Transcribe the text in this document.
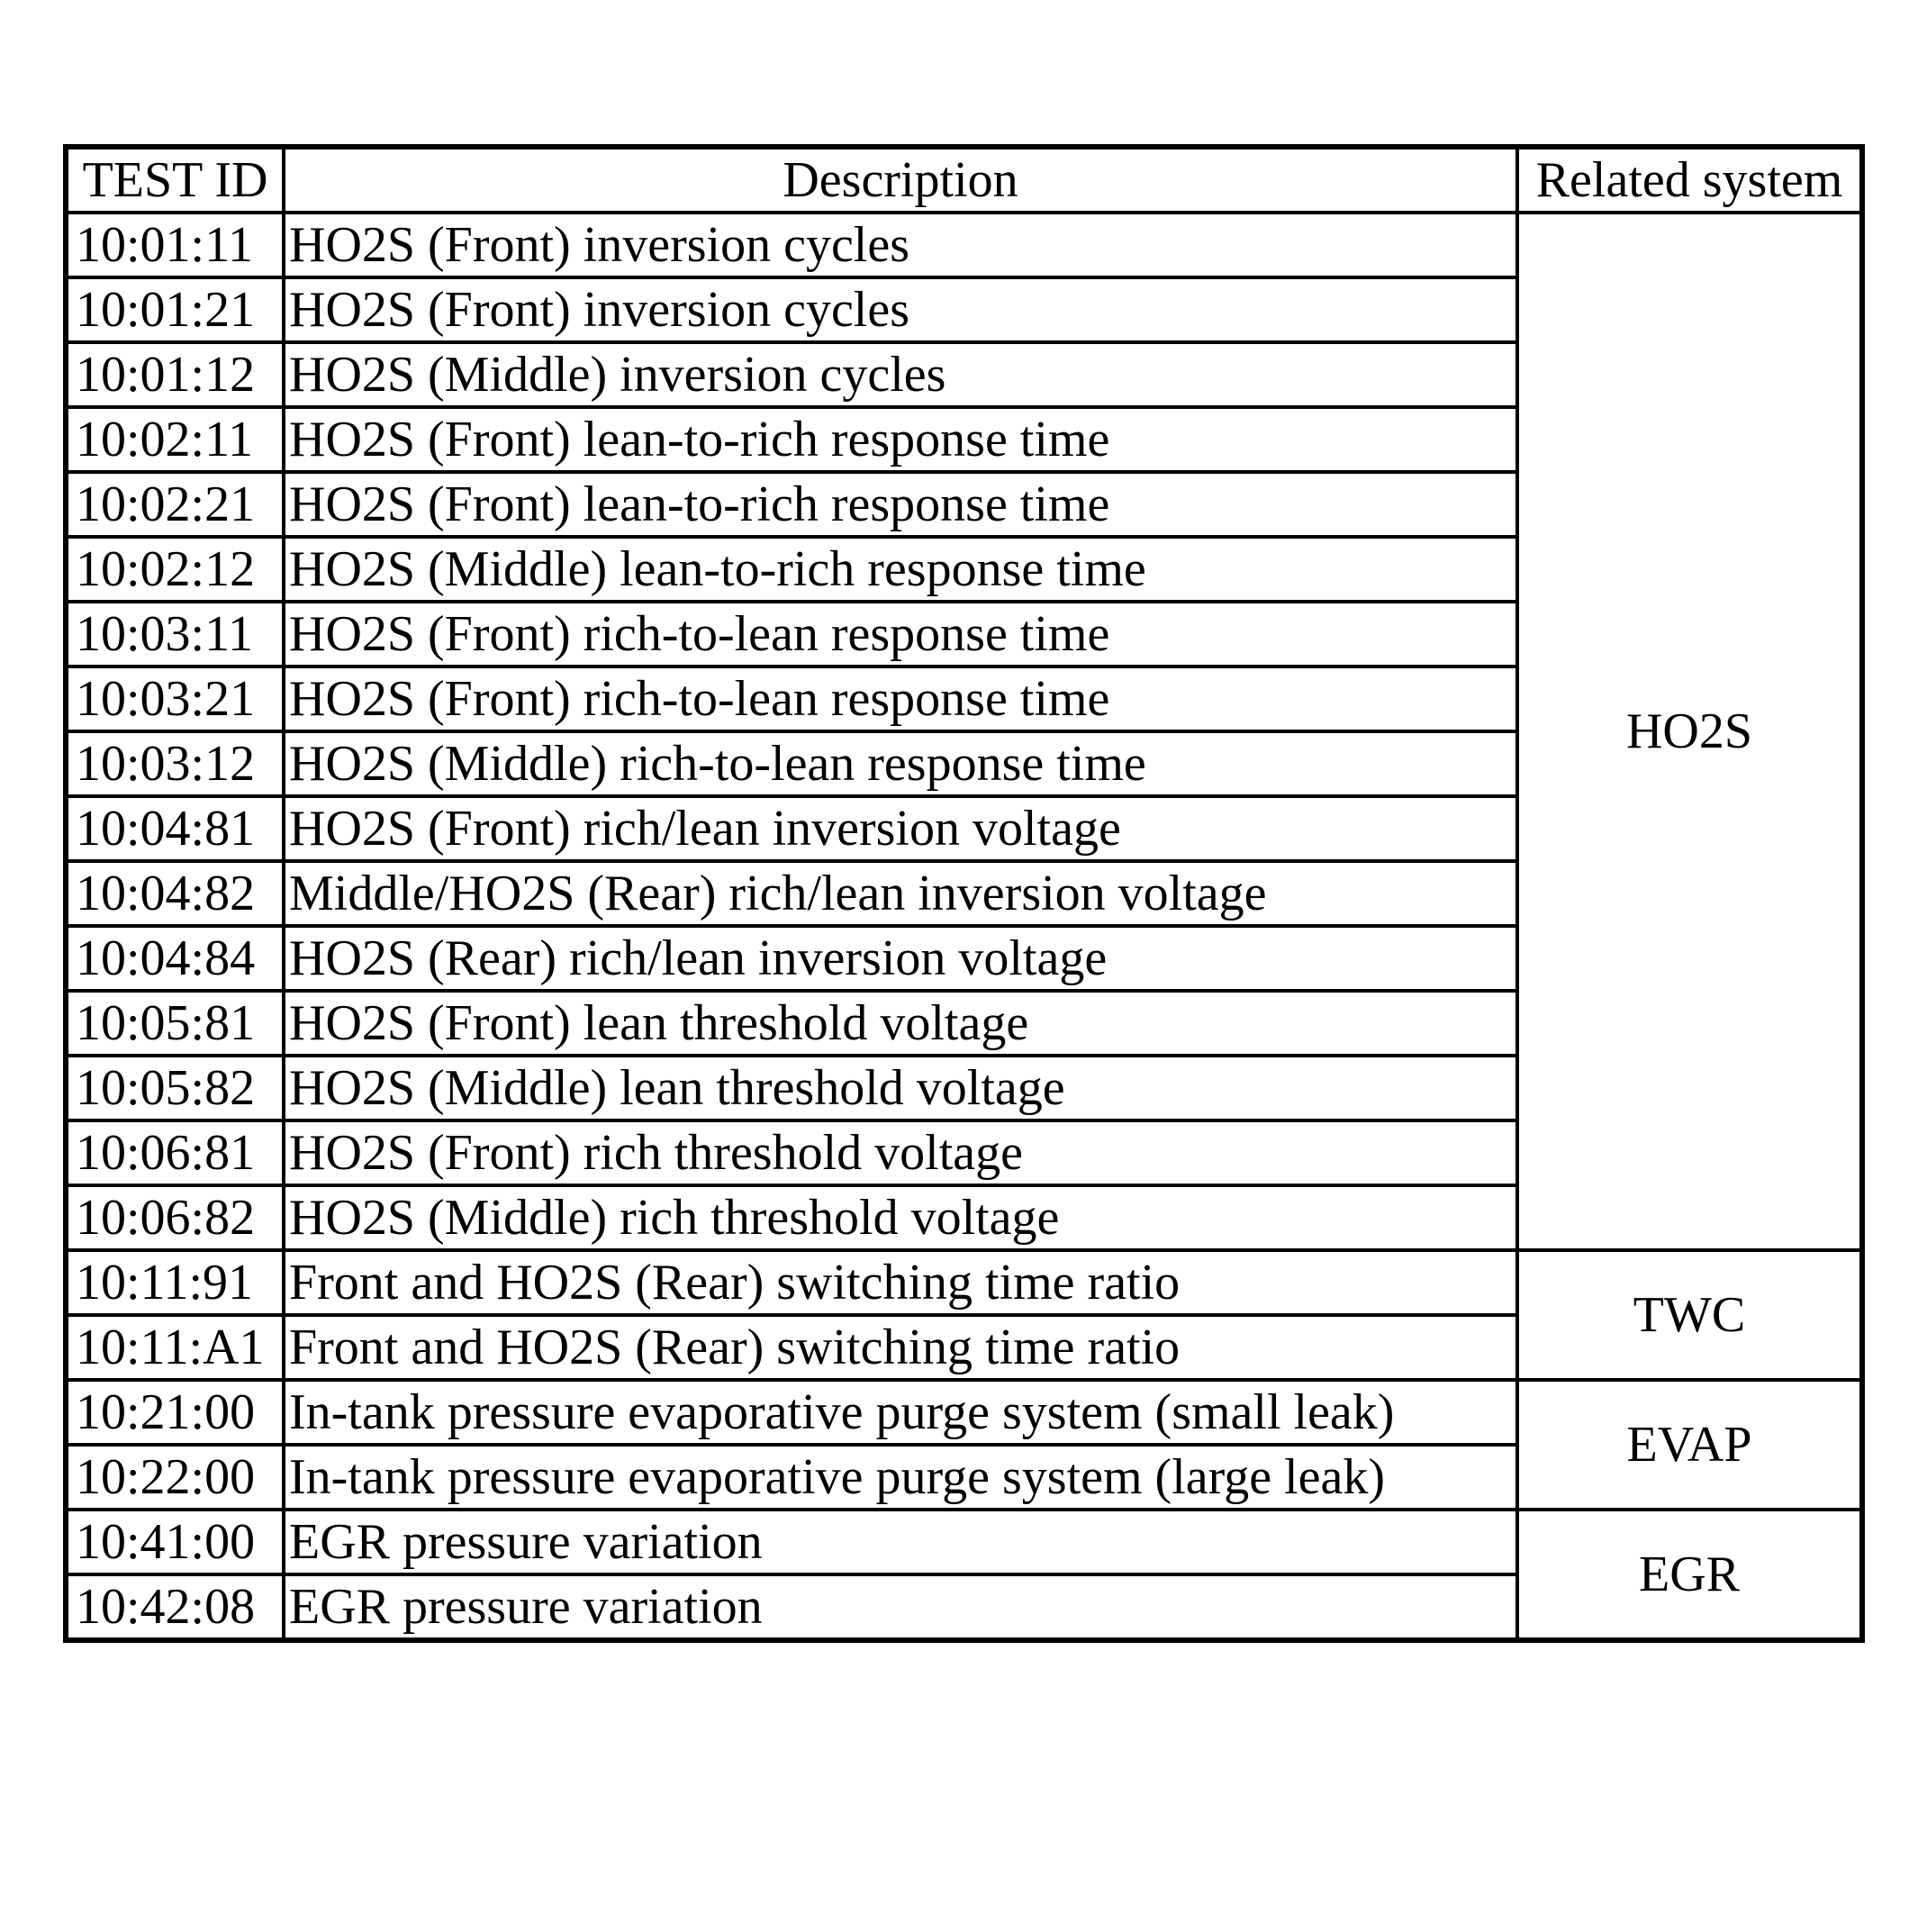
TEST ID	Description	Related system
10:01:11	HO2S (Front) inversion cycles	HO2S
10:01:21	HO2S (Front) inversion cycles	
10:01:12	HO2S (Middle) inversion cycles	
10:02:11	HO2S (Front) lean-to-rich response time	
10:02:21	HO2S (Front) lean-to-rich response time	
10:02:12	HO2S (Middle) lean-to-rich response time	
10:03:11	HO2S (Front) rich-to-lean response time	
10:03:21	HO2S (Front) rich-to-lean response time	
10:03:12	HO2S (Middle) rich-to-lean response time	
10:04:81	HO2S (Front) rich/lean inversion voltage	
10:04:82	Middle/HO2S (Rear) rich/lean inversion voltage	
10:04:84	HO2S (Rear) rich/lean inversion voltage	
10:05:81	HO2S (Front) lean threshold voltage	
10:05:82	HO2S (Middle) lean threshold voltage	
10:06:81	HO2S (Front) rich threshold voltage	
10:06:82	HO2S (Middle) rich threshold voltage	
10:11:91	Front and HO2S (Rear) switching time ratio	TWC
10:11:A1	Front and HO2S (Rear) switching time ratio	
10:21:00	In-tank pressure evaporative purge system (small leak)	EVAP
10:22:00	In-tank pressure evaporative purge system (large leak)	
10:41:00	EGR pressure variation	EGR
10:42:08	EGR pressure variation	
